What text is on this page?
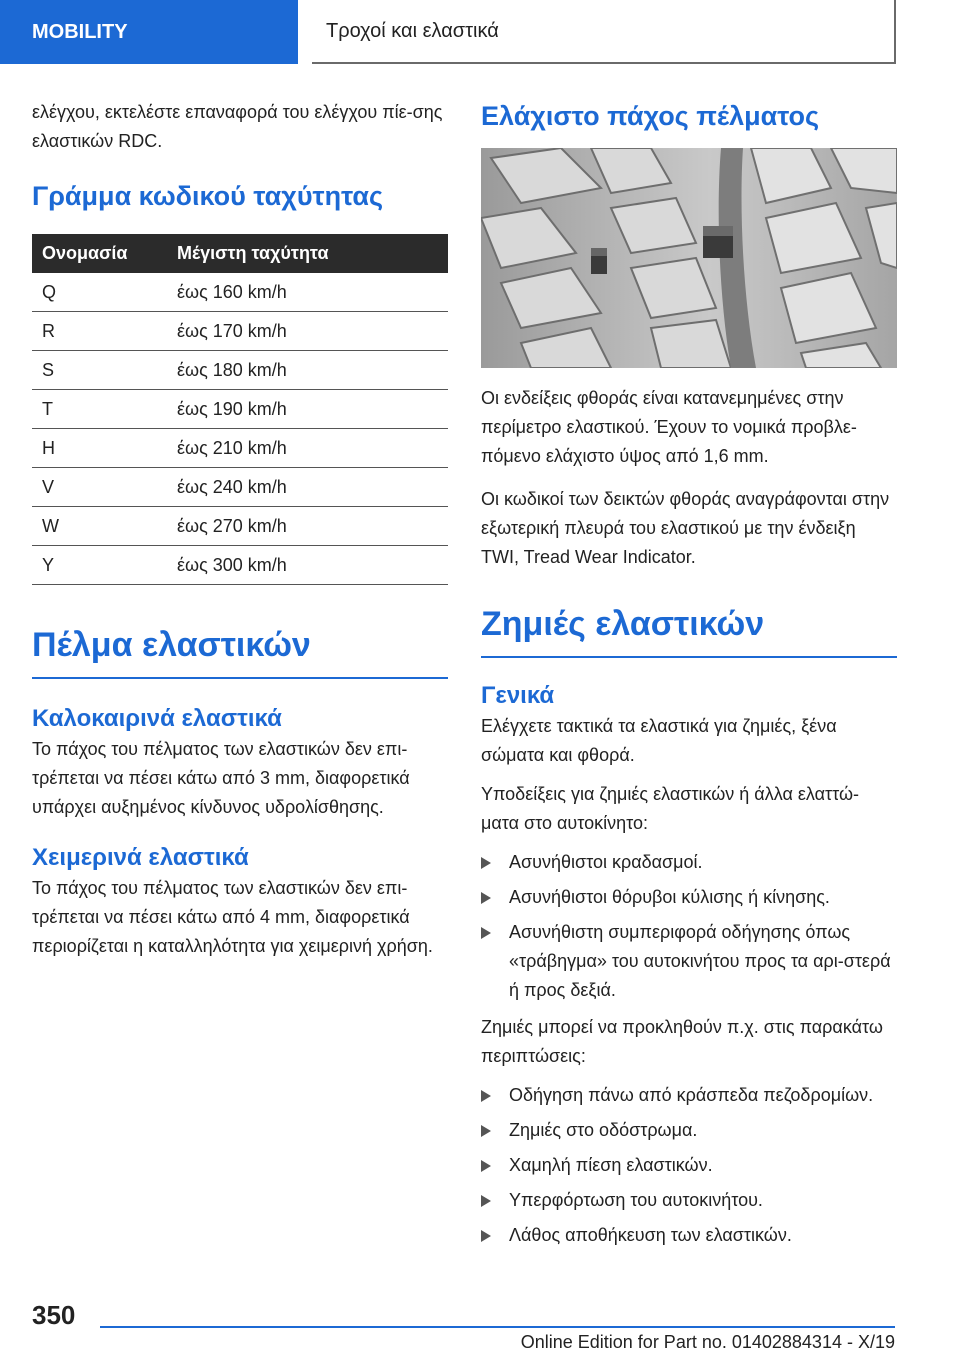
MOBILITY	Τροχοί και ελαστικά

ελέγχου, εκτελέστε επαναφορά του ελέγχου πίε-σης ελαστικών RDC.

Γράμμα κωδικού ταχύτητας
Ονομασία	Μέγιστη ταχύτητα
Q	έως 160 km/h
R	έως 170 km/h
S	έως 180 km/h
T	έως 190 km/h
H	έως 210 km/h
V	έως 240 km/h
W	έως 270 km/h
Y	έως 300 km/h
Πέλμα ελαστικών
Καλοκαιρινά ελαστικά

Το πάχος του πέλματος των ελαστικών δεν επι-τρέπεται να πέσει κάτω από 3 mm, διαφορετικά υπάρχει αυξημένος κίνδυνος υδρολίσθησης.

Χειμερινά ελαστικά

Το πάχος του πέλματος των ελαστικών δεν επι-τρέπεται να πέσει κάτω από 4 mm, διαφορετικά περιορίζεται η καταλληλότητα για χειμερινή χρήση.

Ελάχιστο πάχος πέλματος

Οι ενδείξεις φθοράς είναι κατανεμημένες στην περίμετρο ελαστικού. Έχουν το νομικά προβλε-πόμενο ελάχιστο ύψος από 1,6 mm.

Οι κωδικοί των δεικτών φθοράς αναγράφονται στην εξωτερική πλευρά του ελαστικού με την ένδειξη TWI, Tread Wear Indicator.

Ζημιές ελαστικών
Γενικά

Ελέγχετε τακτικά τα ελαστικά για ζημιές, ξένα σώματα και φθορά.

Υποδείξεις για ζημιές ελαστικών ή άλλα ελαττώ-ματα στο αυτοκίνητο:

Ασυνήθιστοι κραδασμοί.
Ασυνήθιστοι θόρυβοι κύλισης ή κίνησης.
Ασυνήθιστη συμπεριφορά οδήγησης όπως «τράβηγμα» του αυτοκινήτου προς τα αρι-στερά ή προς δεξιά.

Ζημιές μπορεί να προκληθούν π.χ. στις παρακάτω περιπτώσεις:

Οδήγηση πάνω από κράσπεδα πεζοδρομίων.
Ζημιές στο οδόστρωμα.
Χαμηλή πίεση ελαστικών.
Υπερφόρτωση του αυτοκινήτου.
Λάθος αποθήκευση των ελαστικών.
350
Online Edition for Part no. 01402884314 - X/19
